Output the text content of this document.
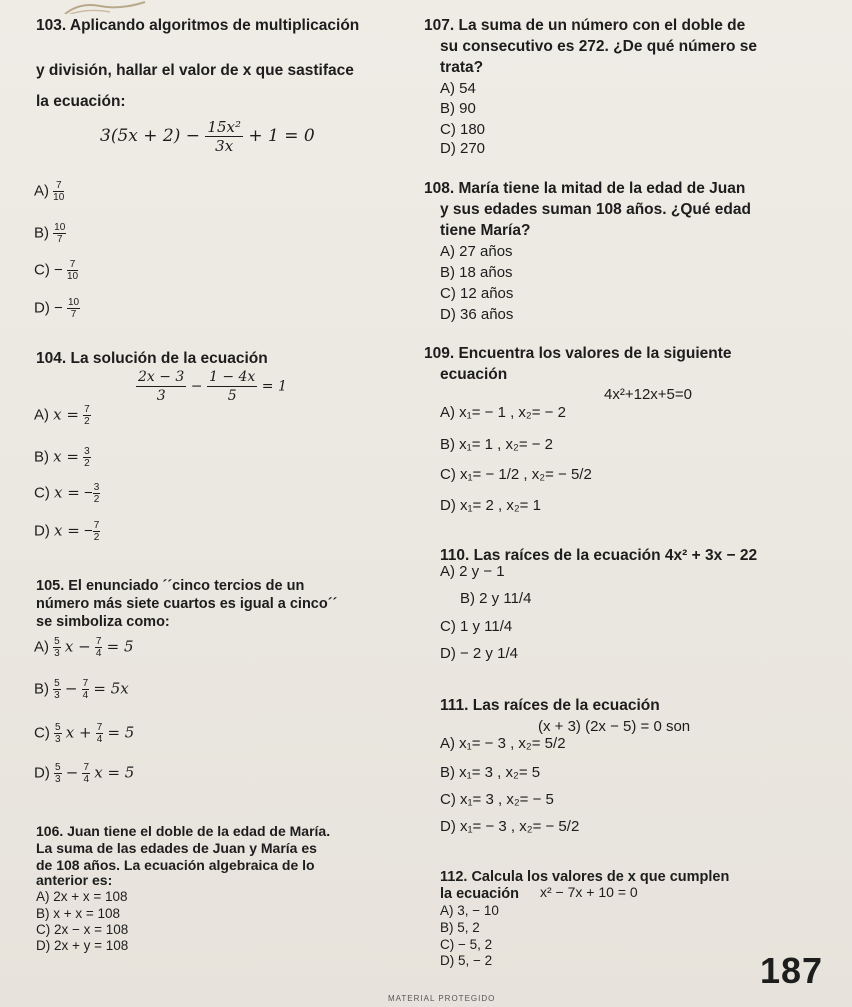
103. Aplicando algoritmos de multiplicación
y división, hallar el valor de x que sastiface
la ecuación:
$3(5x + 2) - \frac{\text{15x²}}{3x} + 1 = 0$
$A) \frac{7}{10}$
$B) \frac{10}{7}$
$C) - \frac{7}{10}$
$D) - \frac{10}{7}$
104. La solución de la ecuación
$\frac{2x - 3}{3} - \frac{1 - 4x}{5} = 1$
A) $x = \frac{7}{2}$
B) $x = \frac{3}{2}$
C) x = − $\frac{3}{2}$
D) x = − $\frac{7}{2}$
105. El enunciado ´´cinco tercios de un
número más siete cuartos es igual a cinco´´
se simboliza como:
$A) \frac{5}{3}$ $x - \frac{7}{4} = 5$
$B) \frac{5}{3} - \frac{7}{4} = 5x$
$C) \frac{5}{3}$ $x + \frac{7}{4} = 5$
$D) \frac{5}{3} - \frac{7}{4}$ x = 5
106. Juan tiene el doble de la edad de María.
La suma de las edades de Juan y María es
de 108 años. La ecuación algebraica de lo
anterior es:
A) 2x + x = 108
B) x + x = 108
C) 2x − x = 108
D) 2x + y = 108
107. La suma de un número con el doble de
su consecutivo es 272. ¿De qué número se
trata?
A) 54
B) 90
C) 180
D) 270
108. María tiene la mitad de la edad de Juan
y sus edades suman 108 años. ¿Qué edad
tiene María?
A) 27 años
B) 18 años
C) 12 años
D) 36 años
109. Encuentra los valores de la siguiente
ecuación
4x²+12x+5=0
A) x₁= − 1 , x₂= − 2
B) x₁= 1 , x₂= − 2
C) x₁= − 1/2 , x₂= − 5/2
D) x₁= 2 , x₂= 1
110. Las raíces de la ecuación 4x² + 3x − 22
A) 2 y − 1
B) 2 y 11/4
C) 1 y 11/4
D) − 2 y 1/4
111. Las raíces de la ecuación
(x + 3) (2x − 5) = 0 son
A) x₁= − 3 , x₂= 5/2
B) x₁= 3 , x₂= 5
C) x₁= 3 , x₂= − 5
D) x₁= − 3 , x₂= − 5/2
112. Calcula los valores de x que cumplen
la ecuación x² − 7x + 10 = 0
A) 3, − 10
B) 5, 2
C) − 5, 2
D) 5, − 2	187
MATERIAL PROTEGIDO
